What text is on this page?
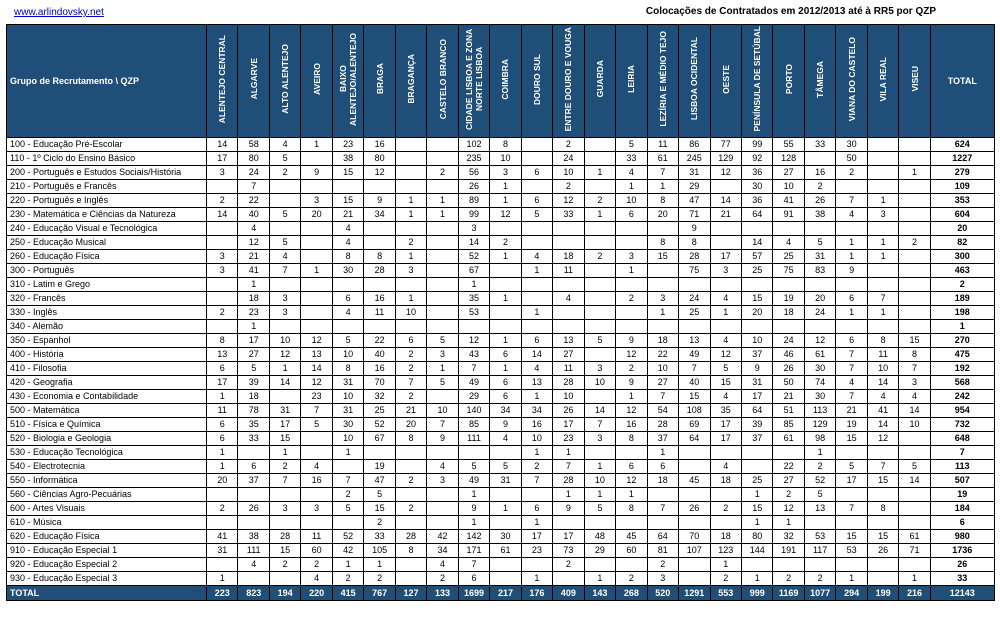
www.arlindovsky.net	Colocações de Contratados em 2012/2013 até à RR5 por QZP
Grupo de Recrutamento \ QZP	ALENTEJO CENTRAL	ALGARVE	ALTO ALENTEJO	AVEIRO	BAIXO ALENTEJO/ALENTEJO	BRAGA	BRAGANÇA	CASTELO BRANCO	CIDADE LISBOA E ZONA NORTE LISBOA	COIMBRA	DOURO SUL	ENTRE DOURO E VOUGA	GUARDA	LEIRIA	LEZÍRIA E MÉDIO TEJO	LISBOA OCIDENTAL	OESTE	PENÍNSULA DE SETÚBAL	PORTO	TÂMEGA	VIANA DO CASTELO	VILA REAL	VISEU	TOTAL
100 - Educação Pré-Escolar	14	58	4	1	23	16			102	8		2		5	11	86	77	99	55	33	30			624
110 - 1º Ciclo do Ensino Básico	17	80	5		38	80			235	10		24		33	61	245	129	92	128		50			1227
200 - Português e Estudos Sociais/História	3	24	2	9	15	12		2	56	3	6	10	1	4	7	31	12	36	27	16	2		1	279
210 - Português e Francês		7							26	1		2		1	1	29		30	10	2				109
220 - Português e Inglês	2	22		3	15	9	1	1	89	1	6	12	2	10	8	47	14	36	41	26	7	1		353
230 - Matemática e Ciências da Natureza	14	40	5	20	21	34	1	1	99	12	5	33	1	6	20	71	21	64	91	38	4	3		604
240 - Educação Visual e Tecnológica		4			4				3							9								20
250 - Educação Musical		12	5		4		2		14	2					8	8		14	4	5	1	1	2	82
260 - Educação Física	3	21	4		8	8	1		52	1	4	18	2	3	15	28	17	57	25	31	1	1		300
300 - Português	3	41	7	1	30	28	3		67		1	11		1		75	3	25	75	83	9			463
310 - Latim e Grego		1							1															2
320 - Francês		18	3		6	16	1		35	1		4		2	3	24	4	15	19	20	6	7		189
330 - Inglês	2	23	3		4	11	10		53		1				1	25	1	20	18	24	1	1		198
340 - Alemão		1																						1
350 - Espanhol	8	17	10	12	5	22	6	5	12	1	6	13	5	9	18	13	4	10	24	12	6	8	15	270
400 - História	13	27	12	13	10	40	2	3	43	6	14	27		12	22	49	12	37	46	61	7	11	8	475
410 - Filosofia	6	5	1	14	8	16	2	1	7	1	4	11	3	2	10	7	5	9	26	30	7	10	7	192
420 - Geografia	17	39	14	12	31	70	7	5	49	6	13	28	10	9	27	40	15	31	50	74	4	14	3	568
430 - Economia e Contabilidade	1	18		23	10	32	2		29	6	1	10		1	7	15	4	17	21	30	7	4	4	242
500 - Matemática	11	78	31	7	31	25	21	10	140	34	34	26	14	12	54	108	35	64	51	113	21	41	14	954
510 - Física e Química	6	35	17	5	30	52	20	7	85	9	16	17	7	16	28	69	17	39	85	129	19	14	10	732
520 - Biologia e Geologia	6	33	15		10	67	8	9	111	4	10	23	3	8	37	64	17	37	61	98	15	12		648
530 - Educação Tecnológica	1		1		1						1	1			1					1				7
540 - Electrotecnia	1	6	2	4		19		4	5	5	2	7	1	6	6		4		22	2	5	7	5	113
550 - Informática	20	37	7	16	7	47	2	3	49	31	7	28	10	12	18	45	18	25	27	52	17	15	14	507
560 - Ciências Agro-Pecuárias					2	5			1			1	1	1				1	2	5				19
600 - Artes Visuais	2	26	3	3	5	15	2		9	1	6	9	5	8	7	26	2	15	12	13	7	8		184
610 - Música						2			1		1							1	1					6
620 - Educação Física	41	38	28	11	52	33	28	42	142	30	17	17	48	45	64	70	18	80	32	53	15	15	61	980
910 - Educação Especial 1	31	111	15	60	42	105	8	34	171	61	23	73	29	60	81	107	123	144	191	117	53	26	71	1736
920 - Educação Especial 2		4	2	2	1	1		4	7			2			2		1							26
930 - Educação Especial 3	1			4	2	2		2	6		1		1	2	3		2	1	2	2	1		1	33
TOTAL	223	823	194	220	415	767	127	133	1699	217	176	409	143	268	520	1291	553	999	1169	1077	294	199	216	12143
